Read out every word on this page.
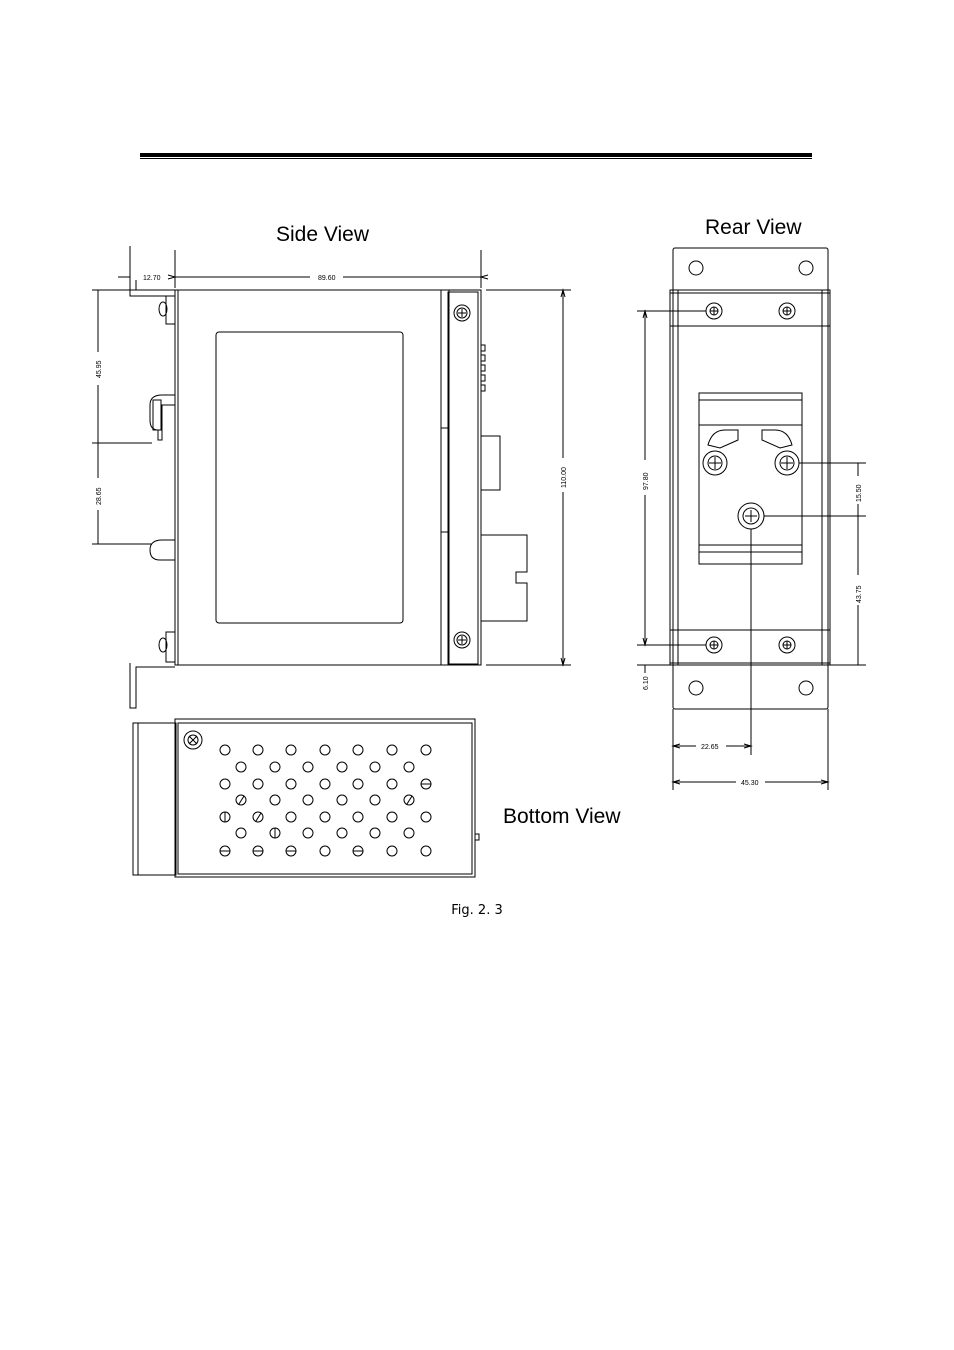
Side View
12.70	89.60
45.95
28.65
110.00
Rear View
97.80
6.10
15.50
43.75
22.65
45.30
Bottom View
Fig. 2. 3
